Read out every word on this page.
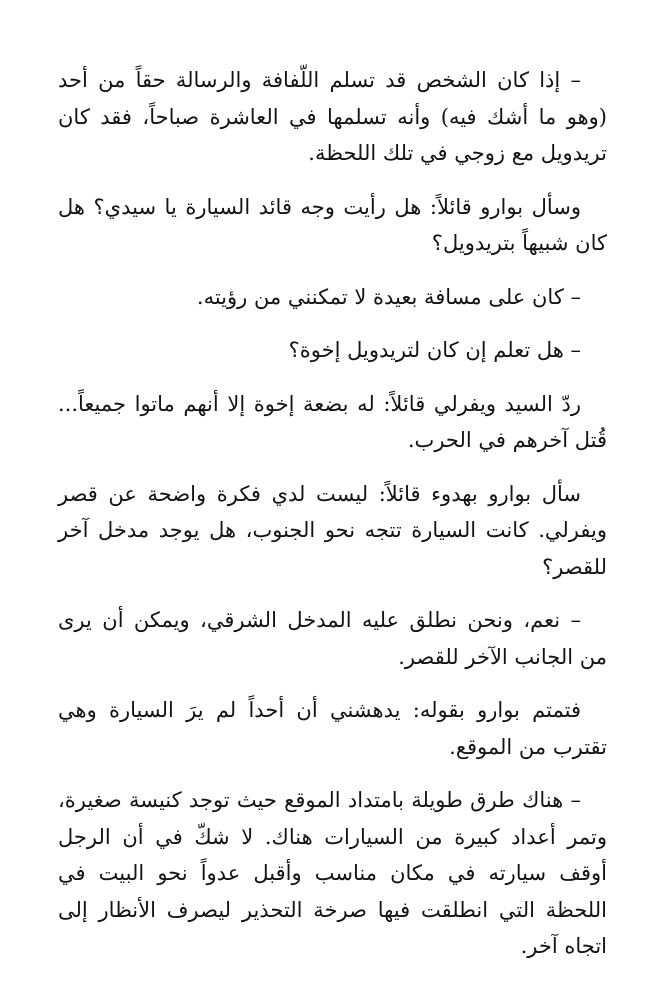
– إذا كان الشخص قد تسلم اللّفافة والرسالة حقاً من أحد (وهو ما أشك فيه) وأنه تسلمها في العاشرة صباحاً، فقد كان تريدويل مع زوجي في تلك اللحظة.

وسأل بوارو قائلاً: هل رأيت وجه قائد السيارة يا سيدي؟ هل كان شبيهاً بتريدويل؟

– كان على مسافة بعيدة لا تمكنني من رؤيته.

– هل تعلم إن كان لتريدويل إخوة؟

ردّ السيد ويفرلي قائلاً: له بضعة إخوة إلا أنهم ماتوا جميعاً... قُتل آخرهم في الحرب.

سأل بوارو بهدوء قائلاً: ليست لدي فكرة واضحة عن قصر ويفرلي. كانت السيارة تتجه نحو الجنوب، هل يوجد مدخل آخر للقصر؟

– نعم، ونحن نطلق عليه المدخل الشرقي، ويمكن أن يرى من الجانب الآخر للقصر.

فتمتم بوارو بقوله: يدهشني أن أحداً لم يرَ السيارة وهي تقترب من الموقع.

– هناك طرق طويلة بامتداد الموقع حيث توجد كنيسة صغيرة، وتمر أعداد كبيرة من السيارات هناك. لا شكّ في أن الرجل أوقف سيارته في مكان مناسب وأقبل عدواً نحو البيت في اللحظة التي انطلقت فيها صرخة التحذير ليصرف الأنظار إلى اتجاه آخر.
